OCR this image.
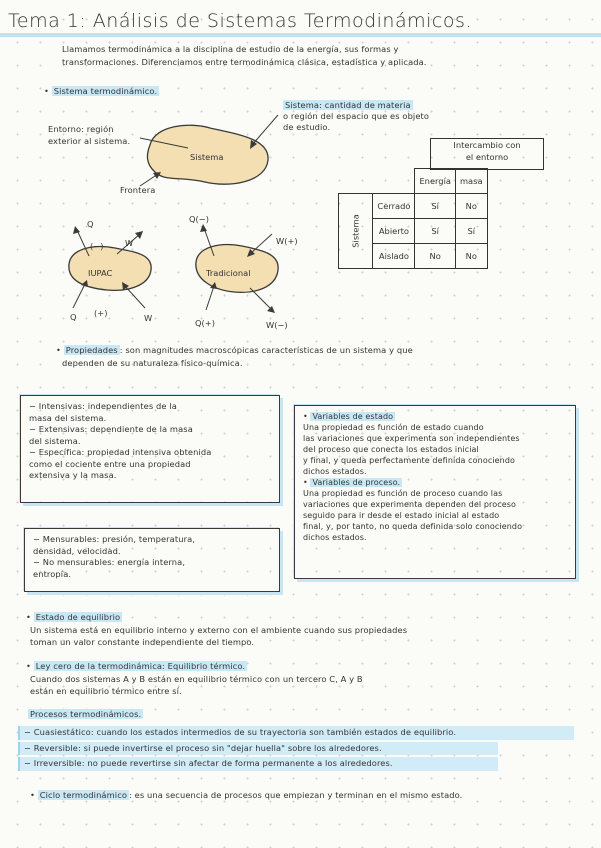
Tema 1: Análisis de Sistemas Termodinámicos.
Llamamos termodinámica a la disciplina de estudio de la energía, sus formas y
transformaciones. Diferenciamos entre termodinámica clásica, estadística y aplicada.
• Sistema termodinámico.
Entorno: región
exterior al sistema.
Sistema: cantidad de materia
o región del espacio que es objeto
de estudio.
Sistema
Frontera
Intercambio con
el entorno
		Energía	masa

Sistema	Cerrado	Sí	No
	Abierto	Sí	Sí
	Aislado	No	No
Q
(−)	W
IUPAC
Q (+)	W
Q(−)
W(+)
Tradicional
Q(+)	W(−)
• Propiedades : son magnitudes macroscópicas características de un sistema y que
dependen de su naturaleza físico-química.
− Intensivas: independientes de la
masa del sistema.
− Extensivas: dependiente de la masa
del sistema.
− Específica: propiedad intensiva obtenida
como el cociente entre una propiedad
extensiva y la masa.
− Mensurables: presión, temperatura,
densidad, velocidad.
− No mensurables: energía interna,
entropía.
• Variables de estado
Una propiedad es función de estado cuando
las variaciones que experimenta son independientes
del proceso que conecta los estados inicial
y final, y queda perfectamente definida conociendo
dichos estados.
• Variables de proceso.
Una propiedad es función de proceso cuando las
variaciones que experimenta dependen del proceso
seguido para ir desde el estado inicial al estado
final, y, por tanto, no queda definida solo conociendo
dichos estados.
• Estado de equilibrio
Un sistema está en equilibrio interno y externo con el ambiente cuando sus propiedades
toman un valor constante independiente del tiempo.
• Ley cero de la termodinámica: Equilibrio térmico.
Cuando dos sistemas A y B están en equilibrio térmico con un tercero C, A y B
están en equilibrio térmico entre sí.
Procesos termodinámicos.
− Cuasiestático: cuando los estados intermedios de su trayectoria son también estados de equilibrio.
− Reversible: si puede invertirse el proceso sin "dejar huella" sobre los alrededores.
− Irreversible: no puede revertirse sin afectar de forma permanente a los alrededores.
• Ciclo termodinámico : es una secuencia de procesos que empiezan y terminan en el mismo estado.
